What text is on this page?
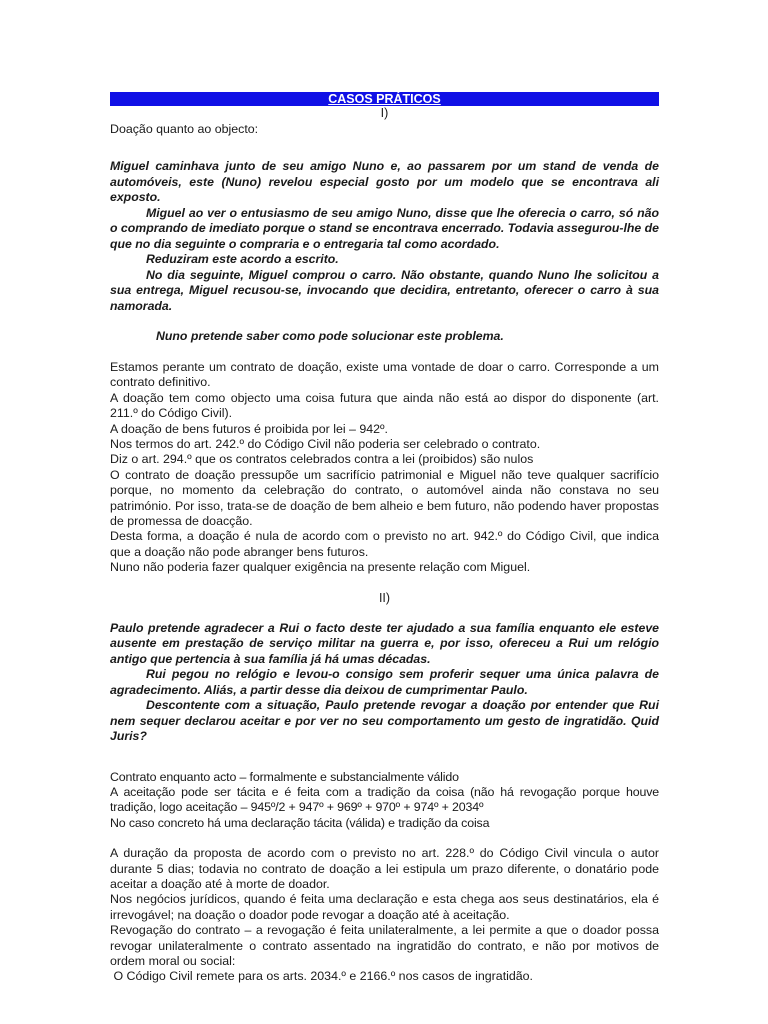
CASOS PRÁTICOS
I)

Doação quanto ao objecto:

Miguel caminhava junto de seu amigo Nuno e, ao passarem por um stand de venda de automóveis, este (Nuno) revelou especial gosto por um modelo que se encontrava ali exposto.

Miguel ao ver o entusiasmo de seu amigo Nuno, disse que lhe oferecia o carro, só não o comprando de imediato porque o stand se encontrava encerrado. Todavia assegurou-lhe de que no dia seguinte o compraria e o entregaria tal como acordado.

Reduziram este acordo a escrito.

No dia seguinte, Miguel comprou o carro. Não obstante, quando Nuno lhe solicitou a sua entrega, Miguel recusou-se, invocando que decidira, entretanto, oferecer o carro à sua namorada.

Nuno pretende saber como pode solucionar este problema.

Estamos perante um contrato de doação, existe uma vontade de doar o carro. Corresponde a um contrato definitivo.

A doação tem como objecto uma coisa futura que ainda não está ao dispor do disponente (art. 211.º do Código Civil).

A doação de bens futuros é proibida por lei – 942º.

Nos termos do art. 242.º do Código Civil não poderia ser celebrado o contrato.

Diz o art. 294.º que os contratos celebrados contra a lei (proibidos) são nulos

O contrato de doação pressupõe um sacrifício patrimonial e Miguel não teve qualquer sacrifício porque, no momento da celebração do contrato, o automóvel ainda não constava no seu património. Por isso, trata-se de doação de bem alheio e bem futuro, não podendo haver propostas de promessa de doacção.

Desta forma, a doação é nula de acordo com o previsto no art. 942.º do Código Civil, que indica que a doação não pode abranger bens futuros.

Nuno não poderia fazer qualquer exigência na presente relação com Miguel.

II)

Paulo pretende agradecer a Rui o facto deste ter ajudado a sua família enquanto ele esteve ausente em prestação de serviço militar na guerra e, por isso, ofereceu a Rui um relógio antigo que pertencia à sua família já há umas décadas.

Rui pegou no relógio e levou-o consigo sem proferir sequer uma única palavra de agradecimento. Aliás, a partir desse dia deixou de cumprimentar Paulo.

Descontente com a situação, Paulo pretende revogar a doação por entender que Rui nem sequer declarou aceitar e por ver no seu comportamento um gesto de ingratidão. Quid Juris?

Contrato enquanto acto – formalmente e substancialmente válido

A aceitação pode ser tácita e é feita com a tradição da coisa (não há revogação porque houve tradição, logo aceitação – 945º/2 + 947º + 969º + 970º + 974º + 2034º

No caso concreto há uma declaração tácita (válida) e tradição da coisa

A duração da proposta de acordo com o previsto no art. 228.º do Código Civil vincula o autor durante 5 dias; todavia no contrato de doação a lei estipula um prazo diferente, o donatário pode aceitar a doação até à morte de doador.

Nos negócios jurídicos, quando é feita uma declaração e esta chega aos seus destinatários, ela é irrevogável; na doação o doador pode revogar a doação até à aceitação.

Revogação do contrato – a revogação é feita unilateralmente, a lei permite a que o doador possa revogar unilateralmente o contrato assentado na ingratidão do contrato, e não por motivos de ordem moral ou social:

O Código Civil remete para os arts. 2034.º e 2166.º nos casos de ingratidão.
